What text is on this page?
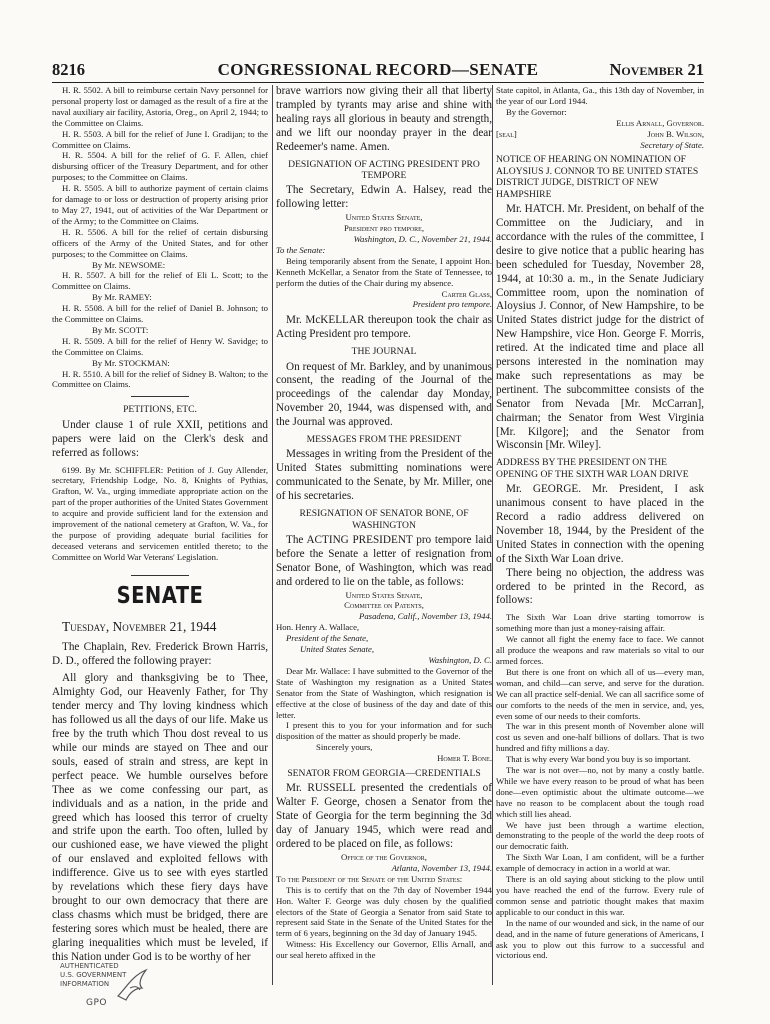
8216	CONGRESSIONAL RECORD—SENATE	November 21

H. R. 5502. A bill to reimburse certain Navy personnel for personal property lost or damaged as the result of a fire at the naval auxiliary air facility, Astoria, Oreg., on April 2, 1944; to the Committee on Claims.

H. R. 5503. A bill for the relief of June I. Gradijan; to the Committee on Claims.

H. R. 5504. A bill for the relief of G. F. Allen, chief disbursing officer of the Treasury Department, and for other purposes; to the Committee on Claims.

H. R. 5505. A bill to authorize payment of certain claims for damage to or loss or destruction of property arising prior to May 27, 1941, out of activities of the War Department or of the Army; to the Committee on Claims.

H. R. 5506. A bill for the relief of certain disbursing officers of the Army of the United States, and for other purposes; to the Committee on Claims.

By Mr. NEWSOME:

H. R. 5507. A bill for the relief of Eli L. Scott; to the Committee on Claims.

By Mr. RAMEY:

H. R. 5508. A bill for the relief of Daniel B. Johnson; to the Committee on Claims.

By Mr. SCOTT:

H. R. 5509. A bill for the relief of Henry W. Savidge; to the Committee on Claims.

By Mr. STOCKMAN:

H. R. 5510. A bill for the relief of Sidney B. Walton; to the Committee on Claims.

PETITIONS, ETC.

Under clause 1 of rule XXII, petitions and papers were laid on the Clerk's desk and referred as follows:

6199. By Mr. SCHIFFLER: Petition of J. Guy Allender, secretary, Friendship Lodge, No. 8, Knights of Pythias, Grafton, W. Va., urging immediate appropriate action on the part of the proper authorities of the United States Government to acquire and provide sufficient land for the extension and improvement of the national cemetery at Grafton, W. Va., for the purpose of providing adequate burial facilities for deceased veterans and servicemen entitled thereto; to the Committee on World War Veterans' Legislation.

SENATE

Tuesday, November 21, 1944

The Chaplain, Rev. Frederick Brown Harris, D. D., offered the following prayer:

All glory and thanksgiving be to Thee, Almighty God, our Heavenly Father, for Thy tender mercy and Thy loving kindness which has followed us all the days of our life. Make us free by the truth which Thou dost reveal to us while our minds are stayed on Thee and our souls, eased of strain and stress, are kept in perfect peace. We humble ourselves before Thee as we come confessing our part, as individuals and as a nation, in the pride and greed which has loosed this terror of cruelty and strife upon the earth. Too often, lulled by our cushioned ease, we have viewed the plight of our enslaved and exploited fellows with indifference. Give us to see with eyes startled by revelations which these fiery days have brought to our own democracy that there are class chasms which must be bridged, there are festering sores which must be healed, there are glaring inequalities which must be leveled, if this Nation under God is to be worthy of her

brave warriors now giving their all that liberty trampled by tyrants may arise and shine with healing rays all glorious in beauty and strength, and we lift our noonday prayer in the dear Redeemer's name. Amen.

DESIGNATION OF ACTING PRESIDENT PRO TEMPORE

The Secretary, Edwin A. Halsey, read the following letter:

United States Senate,

President pro tempore,

Washington, D. C., November 21, 1944.

To the Senate:

Being temporarily absent from the Senate, I appoint Hon. Kenneth McKellar, a Senator from the State of Tennessee, to perform the duties of the Chair during my absence.

Carter Glass,

President pro tempore.

Mr. McKELLAR thereupon took the chair as Acting President pro tempore.

THE JOURNAL

On request of Mr. Barkley, and by unanimous consent, the reading of the Journal of the proceedings of the calendar day Monday, November 20, 1944, was dispensed with, and the Journal was approved.

MESSAGES FROM THE PRESIDENT

Messages in writing from the President of the United States submitting nominations were communicated to the Senate, by Mr. Miller, one of his secretaries.

RESIGNATION OF SENATOR BONE, OF WASHINGTON

The ACTING PRESIDENT pro tempore laid before the Senate a letter of resignation from Senator Bone, of Washington, which was read and ordered to lie on the table, as follows:

United States Senate,

Committee on Patents,

Pasadena, Calif., November 13, 1944.

Hon. Henry A. Wallace,

President of the Senate,

United States Senate,

Washington, D. C.

Dear Mr. Wallace: I have submitted to the Governor of the State of Washington my resignation as a United States Senator from the State of Washington, which resignation is effective at the close of business of the day and date of this letter.

I present this to you for your information and for such disposition of the matter as should properly be made.

Sincerely yours,

Homer T. Bone.

SENATOR FROM GEORGIA—CREDENTIALS

Mr. RUSSELL presented the credentials of Walter F. George, chosen a Senator from the State of Georgia for the term beginning the 3d day of January 1945, which were read and ordered to be placed on file, as follows:

Office of the Governor,

Atlanta, November 13, 1944.

To the President of the Senate of the United States:

This is to certify that on the 7th day of November 1944 Hon. Walter F. George was duly chosen by the qualified electors of the State of Georgia a Senator from said State to represent said State in the Senate of the United States for the term of 6 years, beginning on the 3d day of January 1945.

Witness: His Excellency our Governor, Ellis Arnall, and our seal hereto affixed in the

State capitol, in Atlanta, Ga., this 13th day of November, in the year of our Lord 1944.

By the Governor:

Ellis Arnall, Governor.

[seal]	John B. Wilson,

Secretary of State.

NOTICE OF HEARING ON NOMINATION OF ALOYSIUS J. CONNOR TO BE UNITED STATES DISTRICT JUDGE, DISTRICT OF NEW HAMPSHIRE

Mr. HATCH. Mr. President, on behalf of the Committee on the Judiciary, and in accordance with the rules of the committee, I desire to give notice that a public hearing has been scheduled for Tuesday, November 28, 1944, at 10:30 a. m., in the Senate Judiciary Committee room, upon the nomination of Aloysius J. Connor, of New Hampshire, to be United States district judge for the district of New Hampshire, vice Hon. George F. Morris, retired. At the indicated time and place all persons interested in the nomination may make such representations as may be pertinent. The subcommittee consists of the Senator from Nevada [Mr. McCarran], chairman; the Senator from West Virginia [Mr. Kilgore]; and the Senator from Wisconsin [Mr. Wiley].

ADDRESS BY THE PRESIDENT ON THE OPENING OF THE SIXTH WAR LOAN DRIVE

Mr. GEORGE. Mr. President, I ask unanimous consent to have placed in the Record a radio address delivered on November 18, 1944, by the President of the United States in connection with the opening of the Sixth War Loan drive.

There being no objection, the address was ordered to be printed in the Record, as follows:

The Sixth War Loan drive starting tomorrow is something more than just a money-raising affair.

We cannot all fight the enemy face to face. We cannot all produce the weapons and raw materials so vital to our armed forces.

But there is one front on which all of us—every man, woman, and child—can serve, and serve for the duration. We can all practice self-denial. We can all sacrifice some of our comforts to the needs of the men in service, and, yes, even some of our needs to their comforts.

The war in this present month of November alone will cost us seven and one-half billions of dollars. That is two hundred and fifty millions a day.

That is why every War bond you buy is so important.

The war is not over—no, not by many a costly battle. While we have every reason to be proud of what has been done—even optimistic about the ultimate outcome—we have no reason to be complacent about the tough road which still lies ahead.

We have just been through a wartime election, demonstrating to the people of the world the deep roots of our democratic faith.

The Sixth War Loan, I am confident, will be a further example of democracy in action in a world at war.

There is an old saying about sticking to the plow until you have reached the end of the furrow. Every rule of common sense and patriotic thought makes that maxim applicable to our conduct in this war.

In the name of our wounded and sick, in the name of our dead, and in the name of future generations of Americans, I ask you to plow out this furrow to a successful and victorious end.

AUTHENTICATED
U.S. GOVERNMENT
INFORMATION
GPO
